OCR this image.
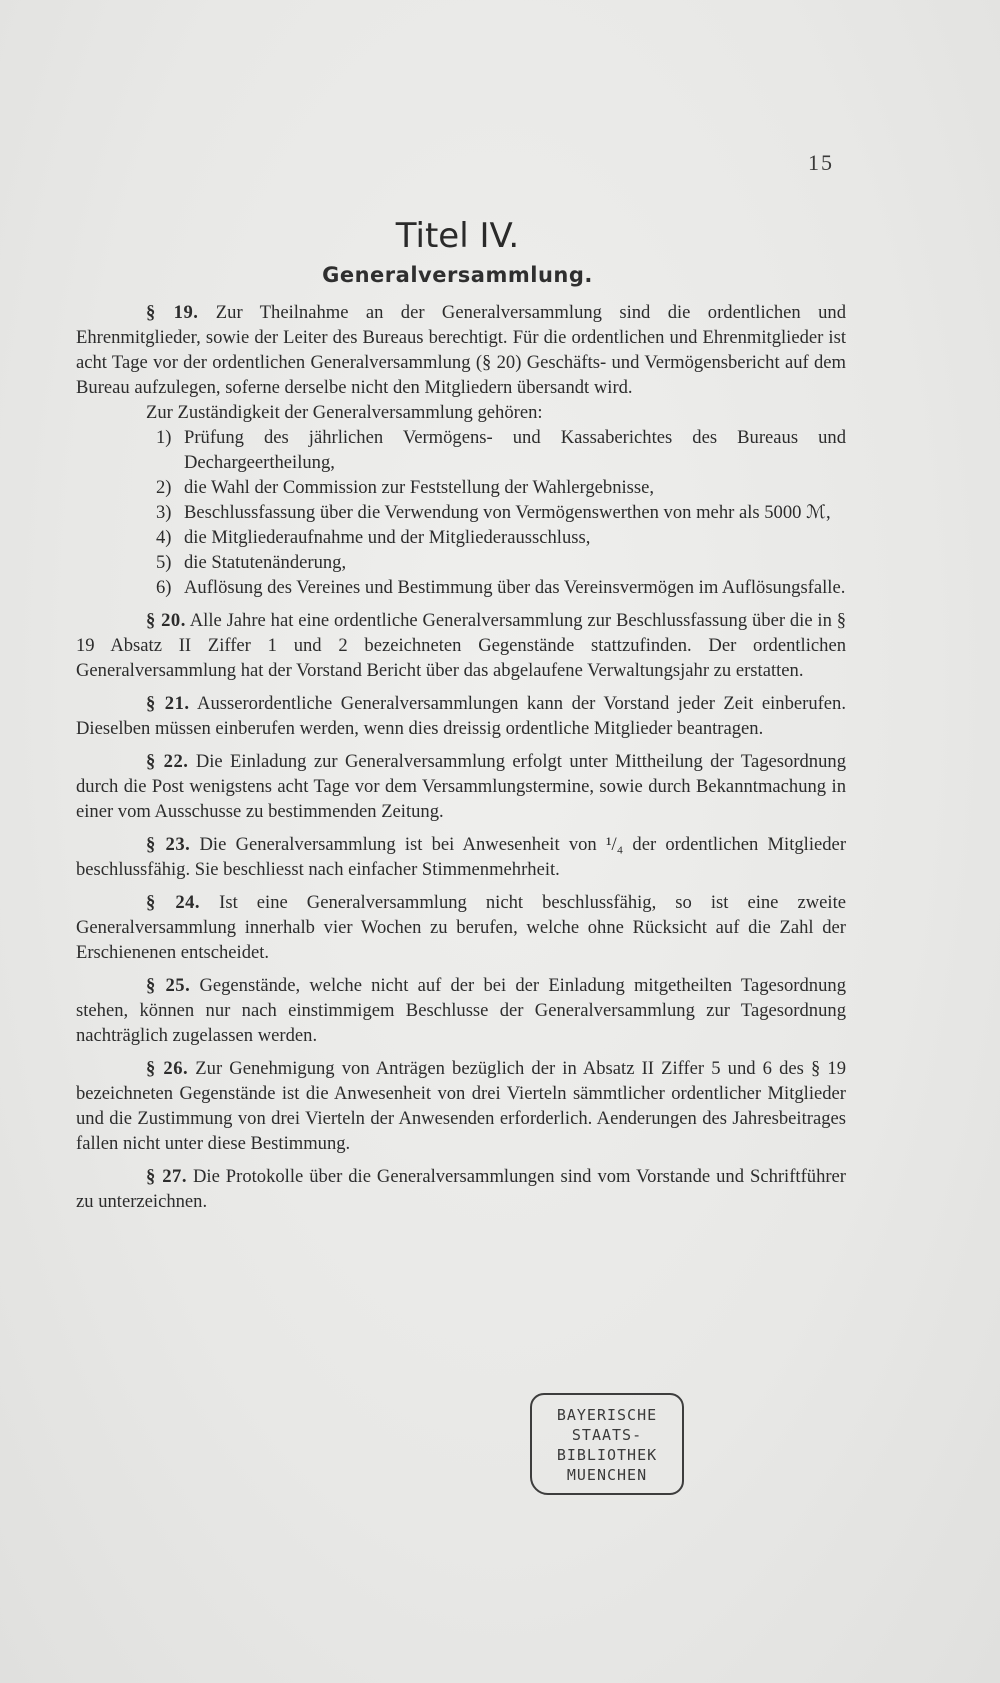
15
Titel IV.
Generalversammlung.

§ 19. Zur Theilnahme an der Generalversammlung sind die ordentlichen und Ehrenmitglieder, sowie der Leiter des Bureaus berechtigt. Für die ordentlichen und Ehrenmitglieder ist acht Tage vor der ordentlichen Generalversammlung (§ 20) Geschäfts- und Vermögensbericht auf dem Bureau aufzulegen, soferne derselbe nicht den Mitgliedern übersandt wird.

Zur Zuständigkeit der Generalversammlung gehören:

1) Prüfung des jährlichen Vermögens- und Kassaberichtes des Bureaus und Dechargeertheilung,
2) die Wahl der Commission zur Feststellung der Wahlergebnisse,
3) Beschlussfassung über die Verwendung von Vermögenswerthen von mehr als 5000 ℳ,
4) die Mitgliederaufnahme und der Mitgliederausschluss,
5) die Statutenänderung,
6) Auflösung des Vereines und Bestimmung über das Vereinsvermögen im Auflösungsfalle.

§ 20. Alle Jahre hat eine ordentliche Generalversammlung zur Beschlussfassung über die in § 19 Absatz II Ziffer 1 und 2 bezeichneten Gegenstände stattzufinden. Der ordentlichen Generalversammlung hat der Vorstand Bericht über das abgelaufene Verwaltungsjahr zu erstatten.

§ 21. Ausserordentliche Generalversammlungen kann der Vorstand jeder Zeit einberufen. Dieselben müssen einberufen werden, wenn dies dreissig ordentliche Mitglieder beantragen.

§ 22. Die Einladung zur Generalversammlung erfolgt unter Mittheilung der Tagesordnung durch die Post wenigstens acht Tage vor dem Versammlungstermine, sowie durch Bekanntmachung in einer vom Ausschusse zu bestimmenden Zeitung.

§ 23. Die Generalversammlung ist bei Anwesenheit von ¹/₄ der ordentlichen Mitglieder beschlussfähig. Sie beschliesst nach einfacher Stimmenmehrheit.

§ 24. Ist eine Generalversammlung nicht beschlussfähig, so ist eine zweite Generalversammlung innerhalb vier Wochen zu berufen, welche ohne Rücksicht auf die Zahl der Erschienenen entscheidet.

§ 25. Gegenstände, welche nicht auf der bei der Einladung mitgetheilten Tagesordnung stehen, können nur nach einstimmigem Beschlusse der Generalversammlung zur Tagesordnung nachträglich zugelassen werden.

§ 26. Zur Genehmigung von Anträgen bezüglich der in Absatz II Ziffer 5 und 6 des § 19 bezeichneten Gegenstände ist die Anwesenheit von drei Vierteln sämmtlicher ordentlicher Mitglieder und die Zustimmung von drei Vierteln der Anwesenden erforderlich. Aenderungen des Jahresbeitrages fallen nicht unter diese Bestimmung.

§ 27. Die Protokolle über die Generalversammlungen sind vom Vorstande und Schriftführer zu unterzeichnen.

BAYERISCHE
STAATS-
BIBLIOTHEK
MUENCHEN
